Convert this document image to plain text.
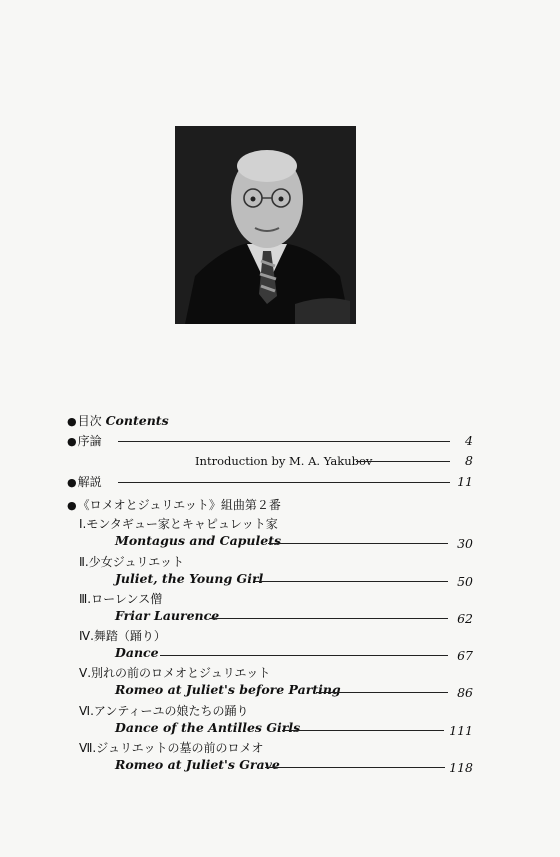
●目次 Contents
●序論	4
Introduction by M. A. Yakubov	8
●解説	11
●《ロメオとジュリエット》組曲第２番
Ⅰ.モンタギュー家とキャピュレット家
Montagus and Capulets	30
Ⅱ.少女ジュリエット
Juliet, the Young Girl	50
Ⅲ.ローレンス僧
Friar Laurence	62
Ⅳ.舞踏（踊り）
Dance	67
Ⅴ.別れの前のロメオとジュリエット
Romeo at Juliet's before Parting	86
Ⅵ.アンティーユの娘たちの踊り
Dance of the Antilles Girls	111
Ⅶ.ジュリエットの墓の前のロメオ
Romeo at Juliet's Grave	118
